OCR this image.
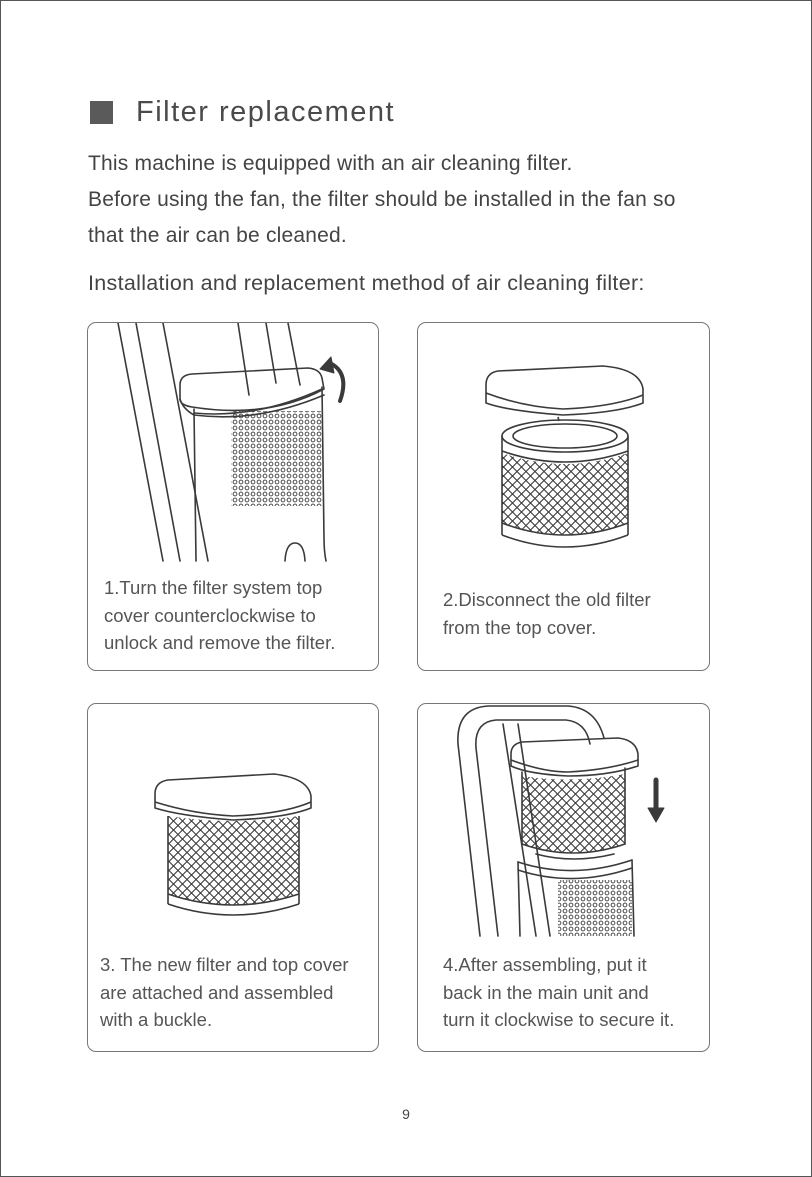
Filter replacement

This machine is equipped with an air cleaning filter.

Before using the fan, the filter should be installed in the fan so

that the air can be cleaned.

Installation and replacement method of air cleaning filter:
1.Turn the filter system top
cover counterclockwise to
unlock and remove the filter.
2.Disconnect the old filter
from the top cover.
3. The new filter and top cover
are attached and assembled
with a buckle.
4.After assembling, put it
back in the main unit and
turn it clockwise to secure it.
9
